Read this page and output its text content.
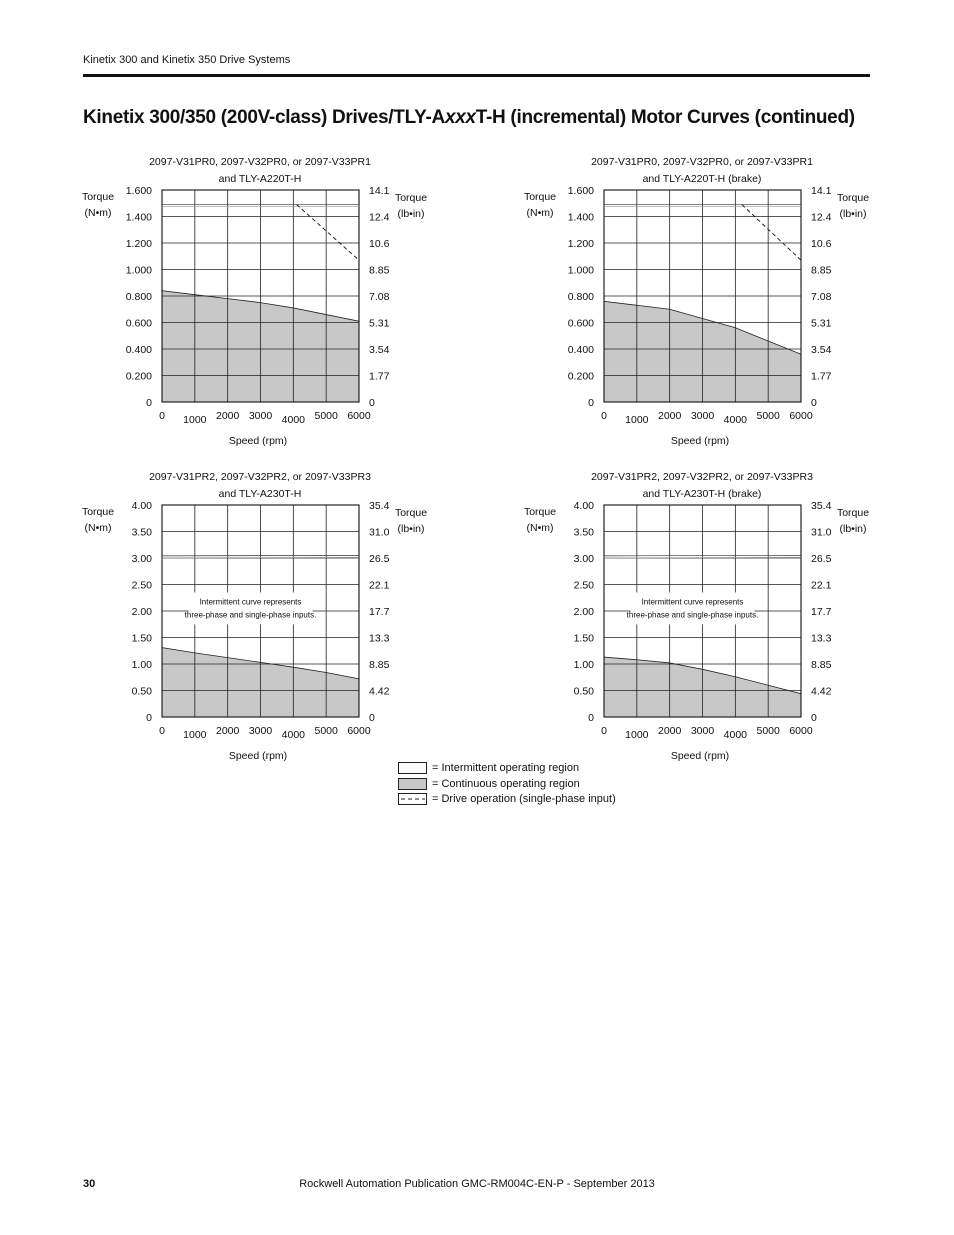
Kinetix 300 and Kinetix 350 Drive Systems
Kinetix 300/350 (200V-class) Drives/TLY-AxxxT-H (incremental) Motor Curves (continued)
2097-V31PR0, 2097-V32PR0, or 2097-V33PR1
and TLY-A220T-H
0 1000 2000 3000 4000 5000 6000
0
0.200
0.400
0.600
0.800
1.000
1.200
1.400
1.600
0
1.77
3.54
5.31
7.08
8.85
10.6
12.4
14.1
Torque
(N•m)
Torque
(lb•in)
Speed (rpm)
2097-V31PR0, 2097-V32PR0, or 2097-V33PR1
and TLY-A220T-H (brake)
0 1000 2000 3000 4000 5000 6000
0
0.200
0.400
0.600
0.800
1.000
1.200
1.400
1.600
0
1.77
3.54
5.31
7.08
8.85
10.6
12.4
14.1
Torque
(N•m)
Torque
(lb•in)
Speed (rpm)
2097-V31PR2, 2097-V32PR2, or 2097-V33PR3
and TLY-A230T-H
Intermittent curve represents
three-phase and single-phase inputs.
0 1000 2000 3000 4000 5000 6000
0
0.50
1.00
1.50
2.00
2.50
3.00
3.50
4.00
0
4.42
8.85
13.3
17.7
22.1
26.5
31.0
35.4
Torque
(N•m)
Torque
(lb•in)
Speed (rpm)
2097-V31PR2, 2097-V32PR2, or 2097-V33PR3
and TLY-A230T-H (brake)
Intermittent curve represents
three-phase and single-phase inputs.
0 1000 2000 3000 4000 5000 6000
0
0.50
1.00
1.50
2.00
2.50
3.00
3.50
4.00
0
4.42
8.85
13.3
17.7
22.1
26.5
31.0
35.4
Torque
(N•m)
Torque
(lb•in)
Speed (rpm)
= Intermittent operating region
= Continuous operating region
= Drive operation (single-phase input)
30	Rockwell Automation Publication GMC-RM004C-EN-P - September 2013
